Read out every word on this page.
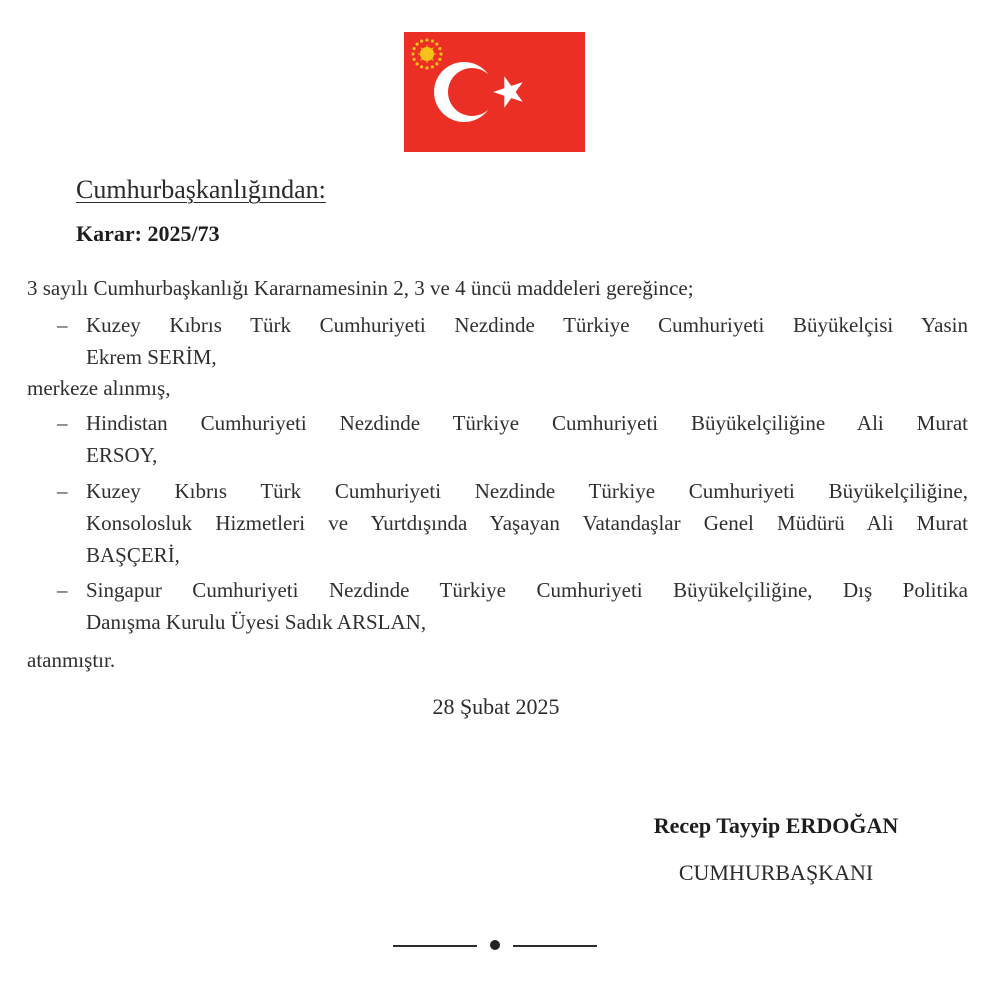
Cumhurbaşkanlığından:
Karar: 2025/73
3 sayılı Cumhurbaşkanlığı Kararnamesinin 2, 3 ve 4 üncü maddeleri gereğince;
– Kuzey Kıbrıs Türk Cumhuriyeti Nezdinde Türkiye Cumhuriyeti Büyükelçisi Yasin
Ekrem SERİM,
merkeze alınmış,
– Hindistan Cumhuriyeti Nezdinde Türkiye Cumhuriyeti Büyükelçiliğine Ali Murat
ERSOY,
– Kuzey Kıbrıs Türk Cumhuriyeti Nezdinde Türkiye Cumhuriyeti Büyükelçiliğine,
Konsolosluk Hizmetleri ve Yurtdışında Yaşayan Vatandaşlar Genel Müdürü Ali Murat
BAŞÇERİ,
– Singapur Cumhuriyeti Nezdinde Türkiye Cumhuriyeti Büyükelçiliğine, Dış Politika
Danışma Kurulu Üyesi Sadık ARSLAN,
atanmıştır.
28 Şubat 2025
Recep Tayyip ERDOĞAN
CUMHURBAŞKANI
